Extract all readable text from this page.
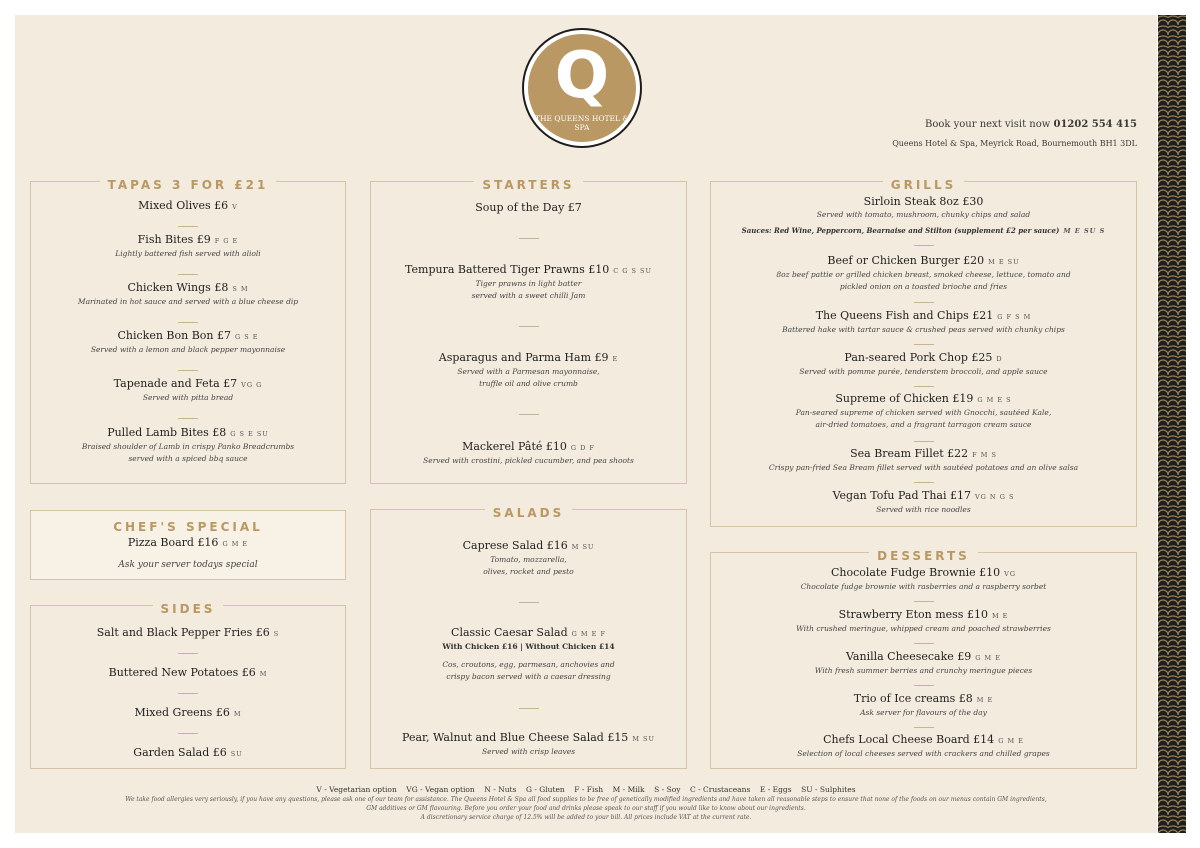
Q
THE QUEENS HOTEL & SPA	Book your next visit now 01202 554 415
Queens Hotel & Spa, Meyrick Road, Bournemouth BH1 3DL
TAPAS 3 FOR £21
Mixed Olives £6 V
Fish Bites £9 F G E
Lightly battered fish served with alioli
Chicken Wings £8 S M
Marinated in hot sauce and served with a blue cheese dip
Chicken Bon Bon £7 G S E
Served with a lemon and black pepper mayonnaise
Tapenade and Feta £7 VG G
Served with pitta bread
Pulled Lamb Bites £8 G S E SU
Braised shoulder of Lamb in crispy Panko Breadcrumbs
served with a spiced bbq sauce
CHEF'S SPECIAL
Pizza Board £16 G M E
Ask your server todays special
SIDES
Salt and Black Pepper Fries £6 S
Buttered New Potatoes £6 M
Mixed Greens £6 M
Garden Salad £6 SU
STARTERS
Soup of the Day £7
Tempura Battered Tiger Prawns £10 C G S SU
Tiger prawns in light batter
served with a sweet chilli Jam
Asparagus and Parma Ham £9 E
Served with a Parmesan mayonnaise,
truffle oil and olive crumb
Mackerel Pâté £10 G D F
Served with crostini, pickled cucumber, and pea shoots
SALADS
Caprese Salad £16 M SU
Tomato, mozzarella,
olives, rocket and pesto
Classic Caesar Salad G M E F
With Chicken £16 | Without Chicken £14
Cos, croutons, egg, parmesan, anchovies and
crispy bacon served with a caesar dressing
Pear, Walnut and Blue Cheese Salad £15 M SU
Served with crisp leaves
GRILLS
Sirloin Steak 8oz £30
Served with tomato, mushroom, chunky chips and salad
Sauces: Red Wine, Peppercorn, Bearnaise and Stilton (supplement £2 per sauce) M E SU S
Beef or Chicken Burger £20 M E SU
8oz beef pattie or grilled chicken breast, smoked cheese, lettuce, tomato and
pickled onion on a toasted brioche and fries
The Queens Fish and Chips £21 G F S M
Battered hake with tartar sauce & crushed peas served with chunky chips
Pan-seared Pork Chop £25 D
Served with pomme purée, tenderstem broccoli, and apple sauce
Supreme of Chicken £19 G M E S
Pan-seared supreme of chicken served with Gnocchi, sautéed Kale,
air-dried tomatoes, and a fragrant tarragon cream sauce
Sea Bream Fillet £22 F M S
Crispy pan-fried Sea Bream fillet served with sautéed potatoes and an olive salsa
Vegan Tofu Pad Thai £17 VG N G S
Served with rice noodles
DESSERTS
Chocolate Fudge Brownie £10 VG
Chocolate fudge brownie with rasberries and a raspberry sorbet
Strawberry Eton mess £10 M E
With crushed meringue, whipped cream and poached strawberries
Vanilla Cheesecake £9 G M E
With fresh summer berries and crunchy meringue pieces
Trio of Ice creams £8 M E
Ask server for flavours of the day
Chefs Local Cheese Board £14 G M E
Selection of local cheeses served with crackers and chilled grapes
V - Vegetarian option    VG - Vegan option    N - Nuts    G - Gluten    F - Fish    M - Milk    S - Soy    C - Crustaceans    E - Eggs    SU - Sulphites
We take food allergies very seriously, if you have any questions, please ask one of our team for assistance. The Queens Hotel & Spa all food supplies to be free of genetically modified ingredients and have taken all reasonable steps to ensure that none of the foods on our menus contain GM ingredients,
GM additives or GM flavouring. Before you order your food and drinks please speak to our staff if you would like to know about our ingredients.
A discretionary service charge of 12.5% will be added to your bill. All prices include VAT at the current rate.
